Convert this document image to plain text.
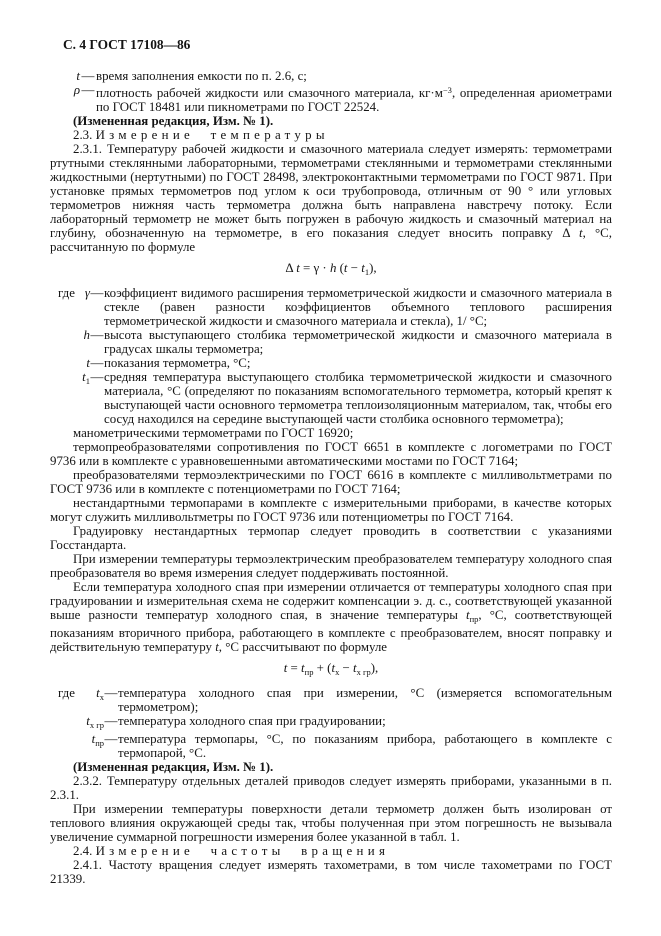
С. 4 ГОСТ 17108—86
t — время заполнения емкости по п. 2.6, с;
ρ — плотность рабочей жидкости или смазочного материала, $кг\cdot м^{-3}$, определенная ариометрами по ГОСТ 18481 или пикнометрами по ГОСТ 22524.
(Измененная редакция, Изм. № 1).
2.3. Измерение температуры
2.3.1. Температуру рабочей жидкости и смазочного материала следует измерять: термометрами ртутными стеклянными лабораторными, термометрами стеклянными и термометрами стеклянными жидкостными (нертутными) по ГОСТ 28498, электроконтактными термометрами по ГОСТ 9871. При установке прямых термометров под углом к оси трубопровода, отличным от 90 ° или угловых термометров нижняя часть термометра должна быть направлена навстречу потоку. Если лабораторный термометр не может быть погружен в рабочую жидкость и смазочный материал на глубину, обозначенную на термометре, в его показания следует вносить поправку Δ t, °С, рассчитанную по формуле
Δ t = γ · h $(t - t_1)$,
где γ — коэффициент видимого расширения термометрической жидкости и смазочного материала в стекле (равен разности коэффициентов объемного теплового расширения термометрической жидкости и смазочного материала и стекла), 1/ °С;
h — высота выступающего столбика термометрической жидкости и смазочного материала в градусах шкалы термометра;
t — показания термометра, °С;
$t_1$ — средняя температура выступающего столбика термометрической жидкости и смазочного материала, °С (определяют по показаниям вспомогательного термометра, который крепят к выступающей части основного термометра теплоизоляционным материалом, так, чтобы его сосуд находился на середине выступающей части столбика основного термометра);
манометрическими термометрами по ГОСТ 16920;
термопреобразователями сопротивления по ГОСТ 6651 в комплекте с логометрами по ГОСТ 9736 или в комплекте с уравновешенными автоматическими мостами по ГОСТ 7164;
преобразователями термоэлектрическими по ГОСТ 6616 в комплекте с милливольтметрами по ГОСТ 9736 или в комплекте с потенциометрами по ГОСТ 7164;
нестандартными термопарами в комплекте с измерительными приборами, в качестве которых могут служить милливольтметры по ГОСТ 9736 или потенциометры по ГОСТ 7164.
Градуировку нестандартных термопар следует проводить в соответствии с указаниями Госстандарта.
При измерении температуры термоэлектрическим преобразователем температуру холодного спая преобразователя во время измерения следует поддерживать постоянной.
Если температура холодного спая при измерении отличается от температуры холодного спая при градуировании и измерительная схема не содержит компенсации э. д. с., соответствующей указанной выше разности температур холодного спая, в значение температуры $t_{пр}$, °С, соответствующей показаниям вторичного прибора, работающего в комплекте с преобразователем, вносят поправку и действительную температуру t, °С рассчитывают по формуле
$t = t_{пр} + (t_х - t_{х гр})$,
где	$t_х$ — температура холодного спая при измерении, °С (измеряется вспомогательным термометром);
$t_{х гр}$ — температура холодного спая при градуировании;
$t_{пр}$ — температура термопары, °С, по показаниям прибора, работающего в комплекте с термопарой, °С.
(Измененная редакция, Изм. № 1).
2.3.2. Температуру отдельных деталей приводов следует измерять приборами, указанными в п. 2.3.1.
При измерении температуры поверхности детали термометр должен быть изолирован от теплового влияния окружающей среды так, чтобы полученная при этом погрешность не вызывала увеличение суммарной погрешности измерения более указанной в табл. 1.
2.4. Измерение частоты вращения
2.4.1. Частоту вращения следует измерять тахометрами, в том числе тахометрами по ГОСТ 21339.
